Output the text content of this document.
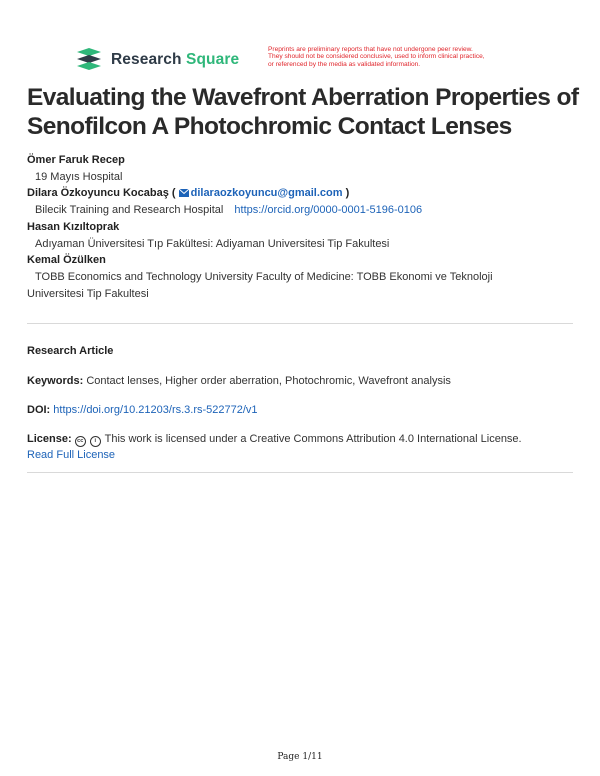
Research Square
Preprints are preliminary reports that have not undergone peer review.
They should not be considered conclusive, used to inform clinical practice,
or referenced by the media as validated information.
Evaluating the Wavefront Aberration Properties of Senofilcon A Photochromic Contact Lenses
Ömer Faruk Recep
19 Mayıs Hospital
Dilara Özkoyuncu Kocabaş ( dilaraozkoyuncu@gmail.com )
Bilecik Training and Research Hospital https://orcid.org/0000-0001-5196-0106
Hasan Kızıltoprak
Adıyaman Üniversitesi Tıp Fakültesi: Adiyaman Universitesi Tip Fakultesi
Kemal Özülken
TOBB Economics and Technology University Faculty of Medicine: TOBB Ekonomi ve Teknoloji
Universitesi Tip Fakultesi
Research Article
Keywords: Contact lenses, Higher order aberration, Photochromic, Wavefront analysis
DOI: https://doi.org/10.21203/rs.3.rs-522772/v1
License: cc i This work is licensed under a Creative Commons Attribution 4.0 International License.
Read Full License
Page 1/11
